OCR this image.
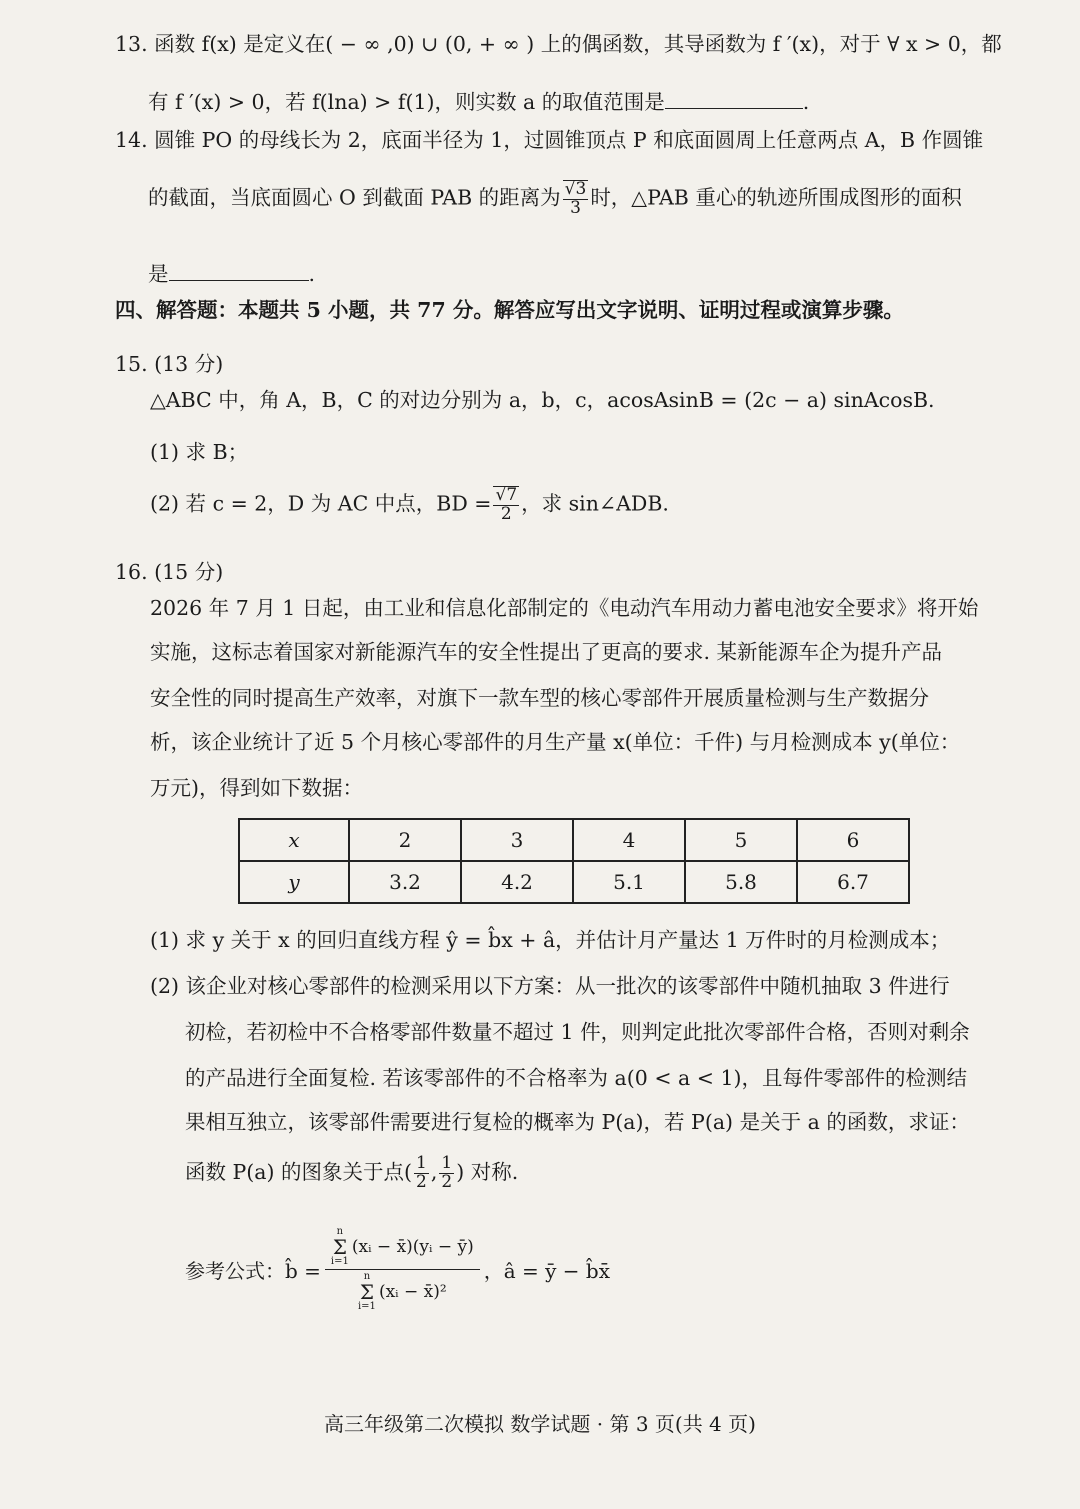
13. 函数 f(x) 是定义在( − ∞ ,0) ∪ (0, + ∞ ) 上的偶函数，其导函数为 f ′(x)，对于 ∀ x > 0，都
有 f ′(x) > 0，若 f(lna) > f(1)，则实数 a 的取值范围是	.
14. 圆锥 PO 的母线长为 2，底面半径为 1，过圆锥顶点 P 和底面圆周上任意两点 A，B 作圆锥
的截面，当底面圆心 O 到截面 PAB 的距离为 $\frac{√3}{3}$ 时，△PAB 重心的轨迹所围成图形的面积
是	.
四、解答题：本题共 5 小题，共 77 分。解答应写出文字说明、证明过程或演算步骤。
15. (13 分)
△ABC 中，角 A，B，C 的对边分别为 a，b，c，acosAsinB = (2c − a) sinAcosB.
(1) 求 B；
(2) 若 c = 2，D 为 AC 中点，BD = $\frac{√7}{2}$ ，求 sin∠ADB.
16. (15 分)
2026 年 7 月 1 日起，由工业和信息化部制定的《电动汽车用动力蓄电池安全要求》将开始
实施，这标志着国家对新能源汽车的安全性提出了更高的要求. 某新能源车企为提升产品
安全性的同时提高生产效率，对旗下一款车型的核心零部件开展质量检测与生产数据分
析，该企业统计了近 5 个月核心零部件的月生产量 x(单位：千件) 与月检测成本 y(单位：
万元)，得到如下数据：
x	2	3	4	5	6
y	3.2	4.2	5.1	5.8	6.7
(1) 求 y 关于 x 的回归直线方程 ŷ = b̂x + â，并估计月产量达 1 万件时的月检测成本；
(2) 该企业对核心零部件的检测采用以下方案：从一批次的该零部件中随机抽取 3 件进行
初检，若初检中不合格零部件数量不超过 1 件，则判定此批次零部件合格，否则对剩余
的产品进行全面复检. 若该零部件的不合格率为 a(0 < a < 1)，且每件零部件的检测结
果相互独立，该零部件需要进行复检的概率为 P(a)，若 P(a) 是关于 a 的函数，求证：
函数 P(a) 的图象关于点( $\frac{1}{2}$ , $\frac{1}{2}$ ) 对称.
参考公式：b̂ = n
Σ
i=1
(xᵢ − x̄)(yᵢ − ȳ)
n
Σ
i=1
(xᵢ − x̄)² ，â = ȳ − b̂x̄
高三年级第二次模拟 数学试题 · 第 3 页(共 4 页)
